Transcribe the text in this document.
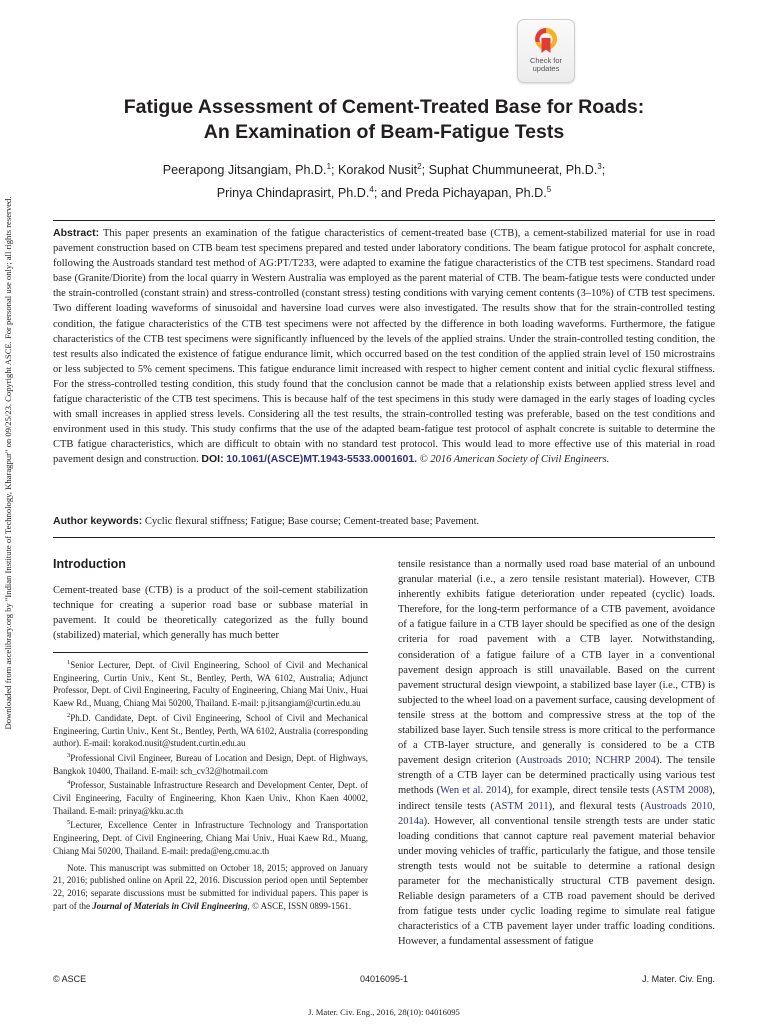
Check for
updates
Downloaded from ascelibrary.org by "Indian Institute of Technology, Kharagpur" on 09/25/23. Copyright ASCE. For personal use only; all rights reserved.
Fatigue Assessment of Cement-Treated Base for Roads:
An Examination of Beam-Fatigue Tests
Peerapong Jitsangiam, Ph.D.$^1$; Korakod Nusit$^2$; Suphat Chummuneerat, Ph.D.$^3$;
Prinya Chindaprasirt, Ph.D.$^4$; and Preda Pichayapan, Ph.D.$^5$
Abstract: This paper presents an examination of the fatigue characteristics of cement-treated base (CTB), a cement-stabilized material for use in road pavement construction based on CTB beam test specimens prepared and tested under laboratory conditions. The beam fatigue protocol for asphalt concrete, following the Austroads standard test method of AG:PT/T233, were adapted to examine the fatigue characteristics of the CTB test specimens. Standard road base (Granite/Diorite) from the local quarry in Western Australia was employed as the parent material of CTB. The beam-fatigue tests were conducted under the strain-controlled (constant strain) and stress-controlled (constant stress) testing conditions with varying cement contents (3–10%) of CTB test specimens. Two different loading waveforms of sinusoidal and haversine load curves were also investigated. The results show that for the strain-controlled testing condition, the fatigue characteristics of the CTB test specimens were not affected by the difference in both loading waveforms. Furthermore, the fatigue characteristics of the CTB test specimens were significantly influenced by the levels of the applied strains. Under the strain-controlled testing condition, the test results also indicated the existence of fatigue endurance limit, which occurred based on the test condition of the applied strain level of 150 microstrains or less subjected to 5% cement specimens. This fatigue endurance limit increased with respect to higher cement content and initial cyclic flexural stiffness. For the stress-controlled testing condition, this study found that the conclusion cannot be made that a relationship exists between applied stress level and fatigue characteristic of the CTB test specimens. This is because half of the test specimens in this study were damaged in the early stages of loading cycles with small increases in applied stress levels. Considering all the test results, the strain-controlled testing was preferable, based on the test conditions and environment used in this study. This study confirms that the use of the adapted beam-fatigue test protocol of asphalt concrete is suitable to determine the CTB fatigue characteristics, which are difficult to obtain with no standard test protocol. This would lead to more effective use of this material in road pavement design and construction. DOI: 10.1061/(ASCE)MT.1943-5533.0001601. © 2016 American Society of Civil Engineers.
Author keywords: Cyclic flexural stiffness; Fatigue; Base course; Cement-treated base; Pavement.
Introduction
Cement-treated base (CTB) is a product of the soil-cement stabilization technique for creating a superior road base or subbase material in pavement. It could be theoretically categorized as the fully bound (stabilized) material, which generally has much better

$^1$Senior Lecturer, Dept. of Civil Engineering, School of Civil and Mechanical Engineering, Curtin Univ., Kent St., Bentley, Perth, WA 6102, Australia; Adjunct Professor, Dept. of Civil Engineering, Faculty of Engineering, Chiang Mai Univ., Huai Kaew Rd., Muang, Chiang Mai 50200, Thailand. E-mail: p.jitsangiam@curtin.edu.au

$^2$Ph.D. Candidate, Dept. of Civil Engineering, School of Civil and Mechanical Engineering, Curtin Univ., Kent St., Bentley, Perth, WA 6102, Australia (corresponding author). E-mail: korakod.nusit@student.curtin.edu.au

$^3$Professional Civil Engineer, Bureau of Location and Design, Dept. of Highways, Bangkok 10400, Thailand. E-mail: sch_cv32@hotmail.com

$^4$Professor, Sustainable Infrastructure Research and Development Center, Dept. of Civil Engineering, Faculty of Engineering, Khon Kaen Univ., Khon Kaen 40002, Thailand. E-mail: prinya@kku.ac.th

$^5$Lecturer, Excellence Center in Infrastructure Technology and Transportation Engineering, Dept. of Civil Engineering, Chiang Mai Univ., Huai Kaew Rd., Muang, Chiang Mai 50200, Thailand. E-mail: preda@eng.cmu.ac.th

Note. This manuscript was submitted on October 18, 2015; approved on January 21, 2016; published online on April 22, 2016. Discussion period open until September 22, 2016; separate discussions must be submitted for individual papers. This paper is part of the Journal of Materials in Civil Engineering, © ASCE, ISSN 0899-1561.

tensile resistance than a normally used road base material of an unbound granular material (i.e., a zero tensile resistant material). However, CTB inherently exhibits fatigue deterioration under repeated (cyclic) loads. Therefore, for the long-term performance of a CTB pavement, avoidance of a fatigue failure in a CTB layer should be specified as one of the design criteria for road pavement with a CTB layer. Notwithstanding, consideration of a fatigue failure of a CTB layer in a conventional pavement design approach is still unavailable. Based on the current pavement structural design viewpoint, a stabilized base layer (i.e., CTB) is subjected to the wheel load on a pavement surface, causing development of tensile stress at the bottom and compressive stress at the top of the stabilized base layer. Such tensile stress is more critical to the performance of a CTB-layer structure, and generally is considered to be a CTB pavement design criterion (Austroads 2010; NCHRP 2004). The tensile strength of a CTB layer can be determined practically using various test methods (Wen et al. 2014), for example, direct tensile tests (ASTM 2008), indirect tensile tests (ASTM 2011), and flexural tests (Austroads 2010, 2014a). However, all conventional tensile strength tests are under static loading conditions that cannot capture real pavement material behavior under moving vehicles of traffic, particularly the fatigue, and those tensile strength tests would not be suitable to determine a rational design parameter for the mechanistically structural CTB pavement design. Reliable design parameters of a CTB road pavement should be derived from fatigue tests under cyclic loading regime to simulate real fatigue characteristics of a CTB pavement layer under traffic loading conditions. However, a fundamental assessment of fatigue
© ASCE	04016095-1	J. Mater. Civ. Eng.
J. Mater. Civ. Eng., 2016, 28(10): 04016095
